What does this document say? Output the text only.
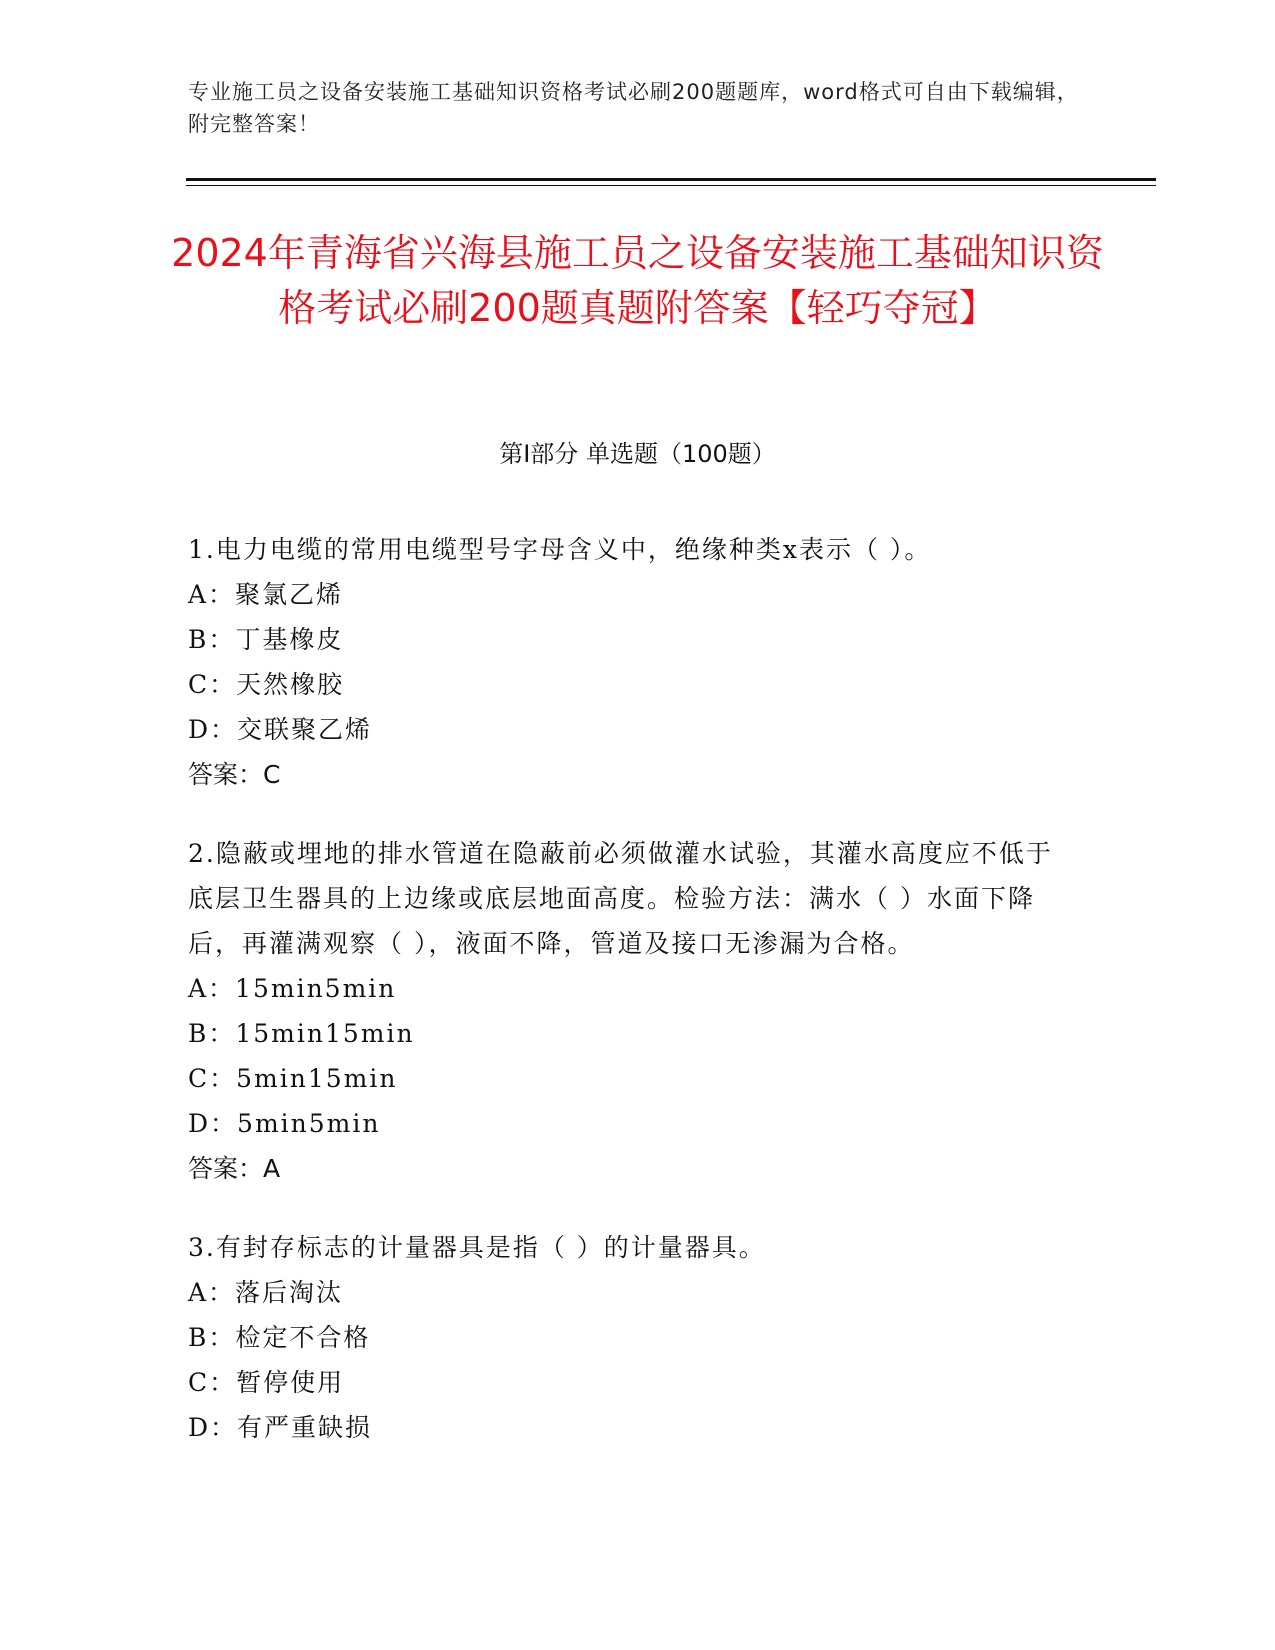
专业施工员之设备安装施工基础知识资格考试必刷200题题库，word格式可自由下载编辑，附完整答案！
2024年青海省兴海县施工员之设备安装施工基础知识资格考试必刷200题真题附答案【轻巧夺冠】
第I部分 单选题（100题）

1.电力电缆的常用电缆型号字母含义中，绝缘种类x表示（ ）。

A：聚氯乙烯

B：丁基橡皮

C：天然橡胶

D：交联聚乙烯

答案：C

2.隐蔽或埋地的排水管道在隐蔽前必须做灌水试验，其灌水高度应不低于底层卫生器具的上边缘或底层地面高度。检验方法：满水（ ）水面下降后，再灌满观察（ ），液面不降，管道及接口无渗漏为合格。

A：15min5min

B：15min15min

C：5min15min

D：5min5min

答案：A

3.有封存标志的计量器具是指（ ）的计量器具。

A：落后淘汰

B：检定不合格

C：暂停使用

D：有严重缺损
